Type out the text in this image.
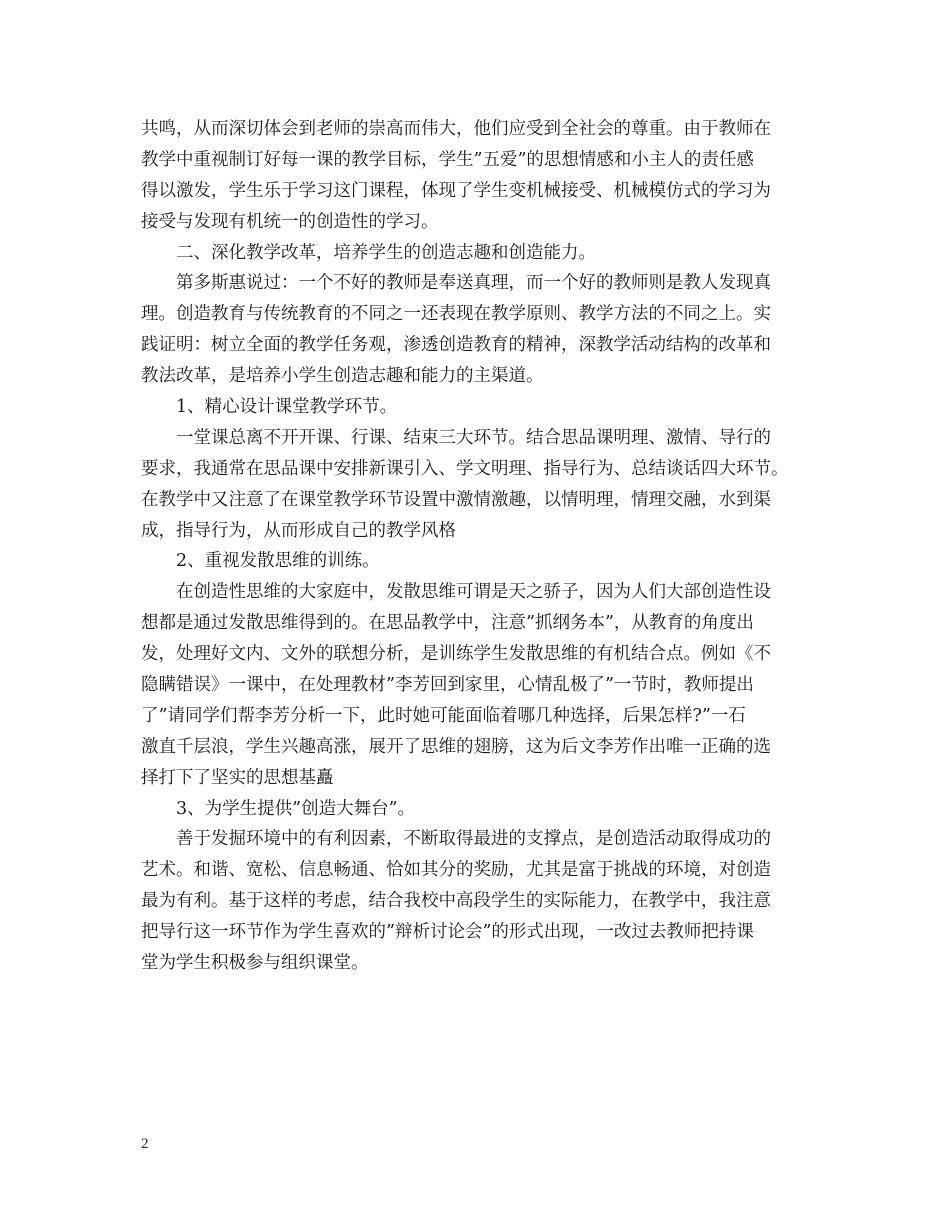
共鸣，从而深切体会到老师的崇高而伟大，他们应受到全社会的尊重。由于教师在
教学中重视制订好每一课的教学目标，学生”五爱”的思想情感和小主人的责任感
得以激发，学生乐于学习这门课程，体现了学生变机械接受、机械模仿式的学习为
接受与发现有机统一的创造性的学习。
二、深化教学改革，培养学生的创造志趣和创造能力。
第多斯惠说过：一个不好的教师是奉送真理，而一个好的教师则是教人发现真
理。创造教育与传统教育的不同之一还表现在教学原则、教学方法的不同之上。实
践证明：树立全面的教学任务观，渗透创造教育的精神，深教学活动结构的改革和
教法改革，是培养小学生创造志趣和能力的主渠道。
1、精心设计课堂教学环节。
一堂课总离不开开课、行课、结束三大环节。结合思品课明理、激情、导行的
要求，我通常在思品课中安排新课引入、学文明理、指导行为、总结谈话四大环节。
在教学中又注意了在课堂教学环节设置中激情激趣，以情明理，情理交融，水到渠
成，指导行为，从而形成自己的教学风格
2、重视发散思维的训练。
在创造性思维的大家庭中，发散思维可谓是天之骄子，因为人们大部创造性设
想都是通过发散思维得到的。在思品教学中，注意”抓纲务本”，从教育的角度出
发，处理好文内、文外的联想分析，是训练学生发散思维的有机结合点。例如《不
隐瞒错误》一课中，在处理教材”李芳回到家里，心情乱极了”一节时，教师提出
了”请同学们帮李芳分析一下，此时她可能面临着哪几种选择，后果怎样?”一石
激直千层浪，学生兴趣高涨，展开了思维的翅膀，这为后文李芳作出唯一正确的选
择打下了坚实的思想基矗
3、为学生提供”创造大舞台”。
善于发掘环境中的有利因素，不断取得最进的支撑点，是创造活动取得成功的
艺术。和谐、宽松、信息畅通、恰如其分的奖励，尤其是富于挑战的环境，对创造
最为有利。基于这样的考虑，结合我校中高段学生的实际能力，在教学中，我注意
把导行这一环节作为学生喜欢的”辩析讨论会”的形式出现，一改过去教师把持课
堂为学生积极参与组织课堂。
2
